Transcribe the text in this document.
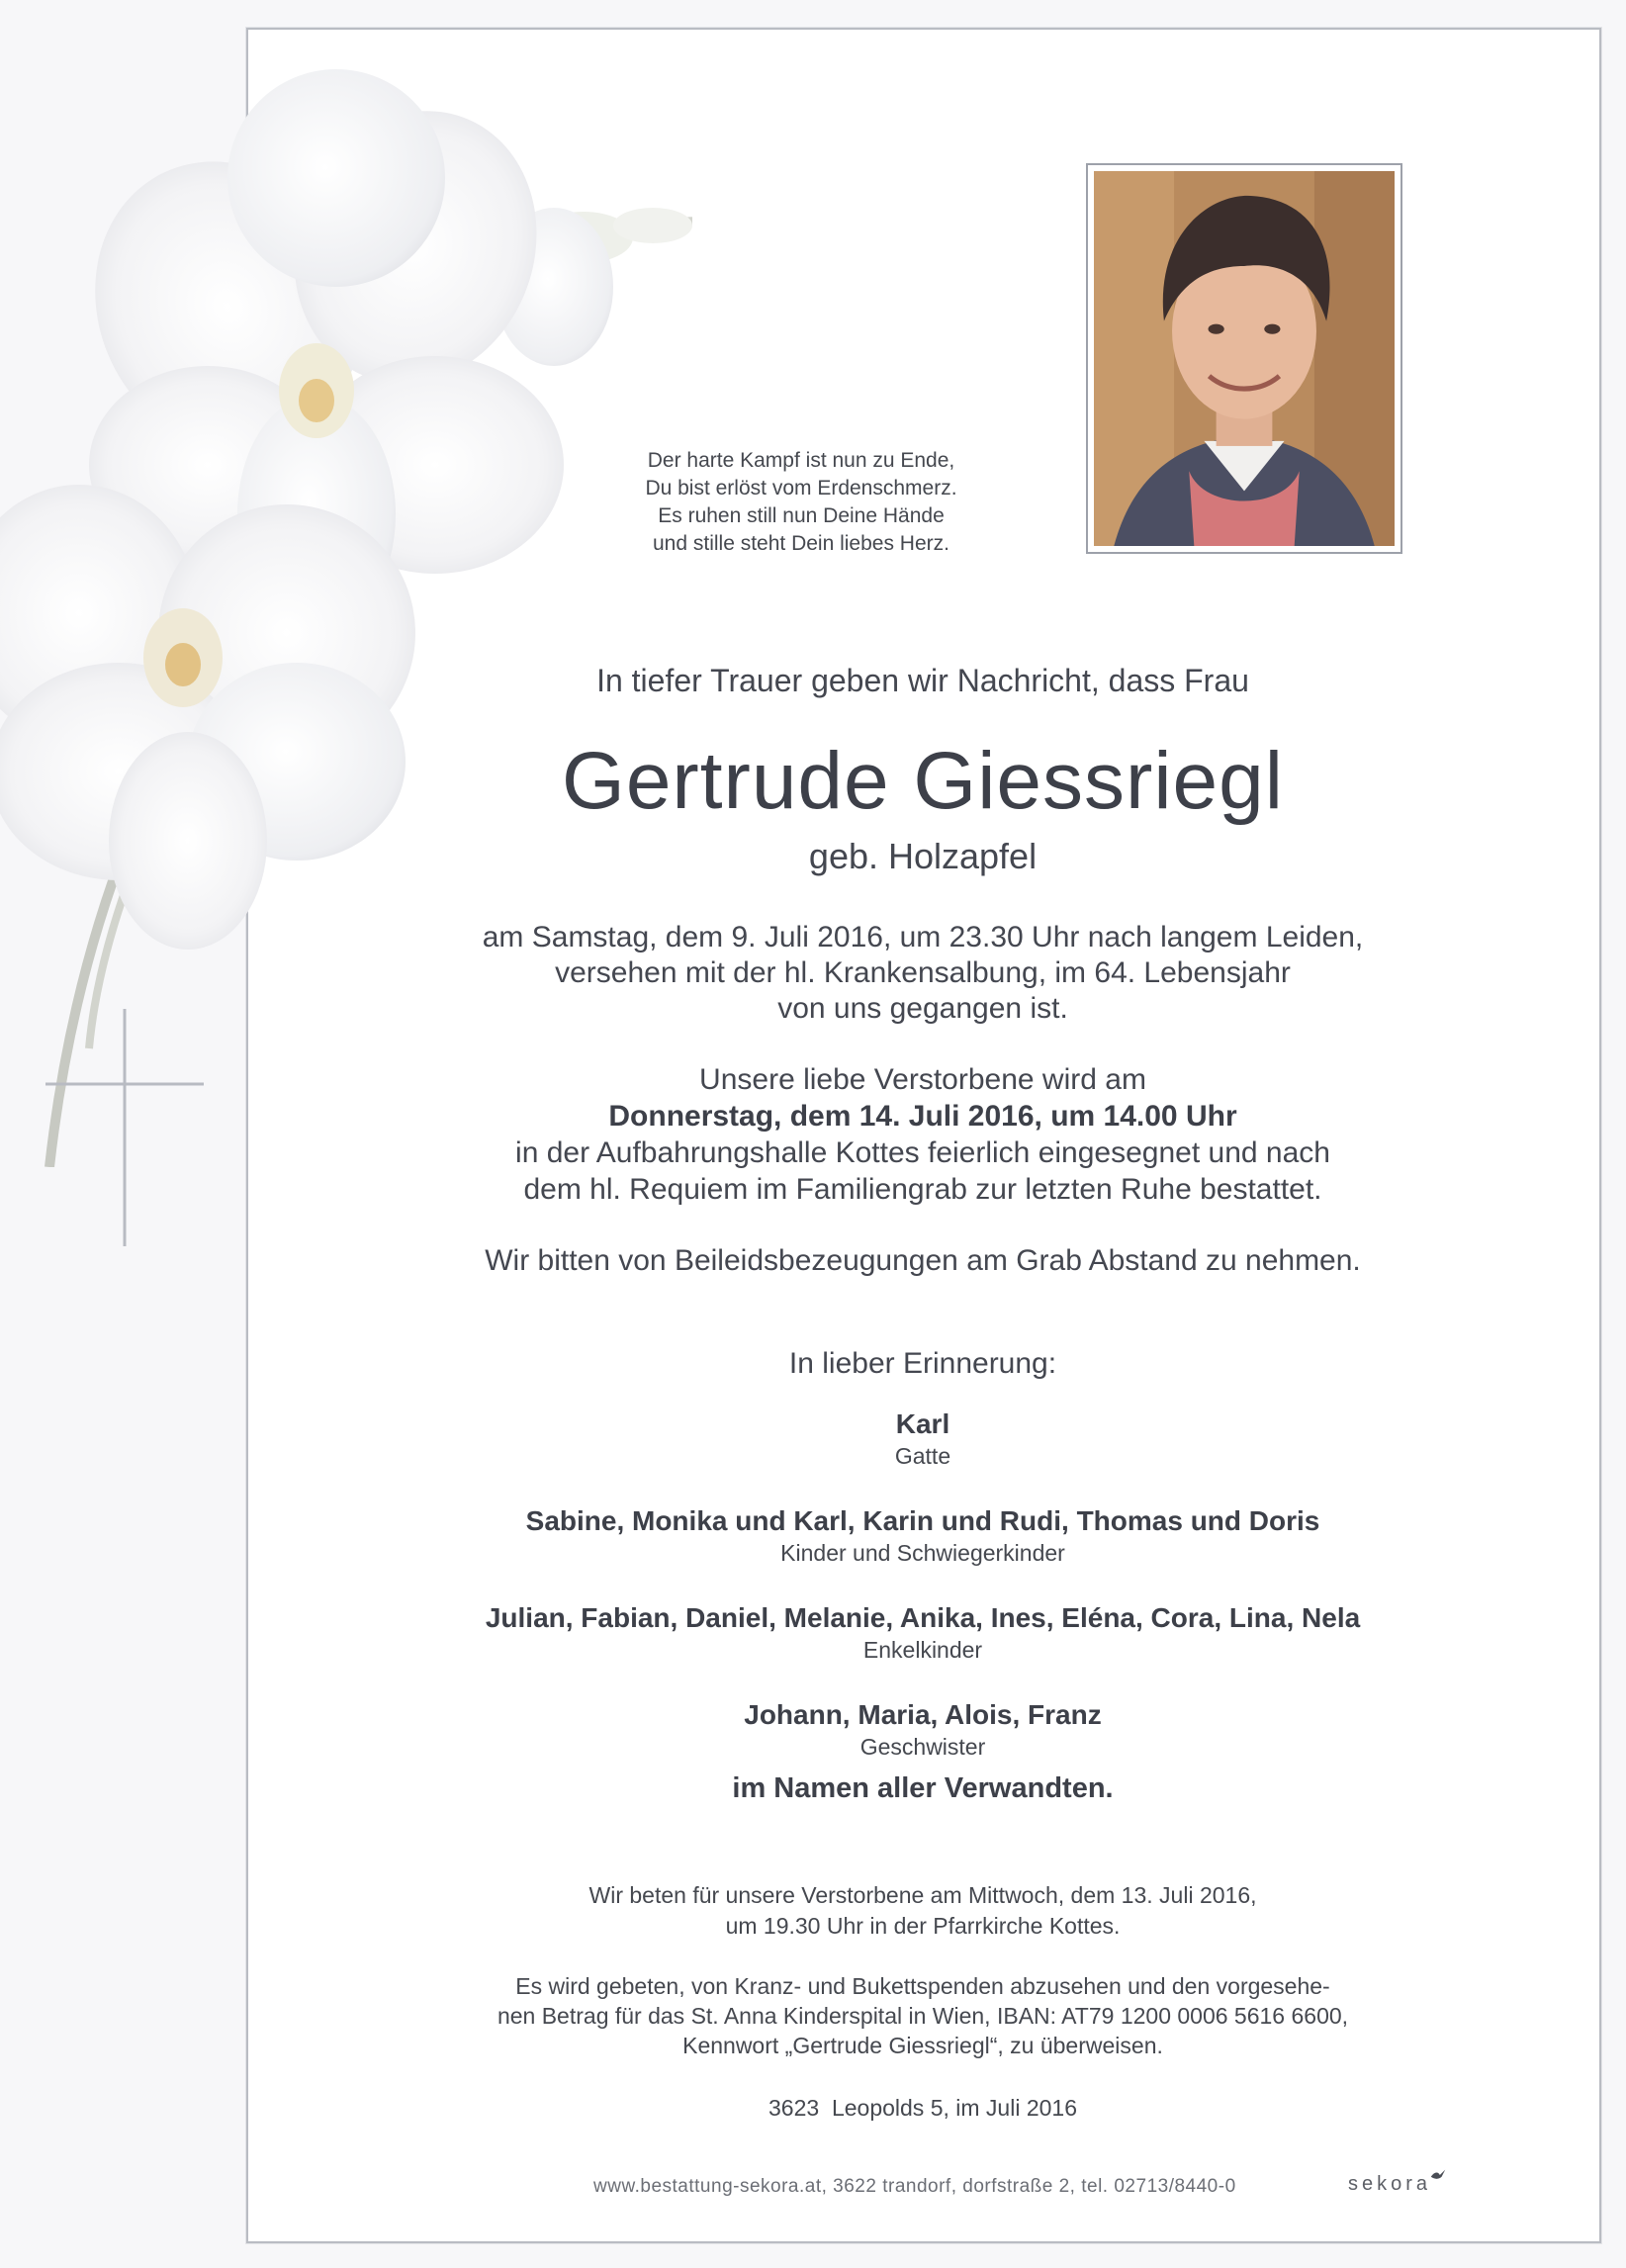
Der harte Kampf ist nun zu Ende,
Du bist erlöst vom Erdenschmerz.
Es ruhen still nun Deine Hände
und stille steht Dein liebes Herz.
In tiefer Trauer geben wir Nachricht, dass Frau
Gertrude Giessriegl
geb. Holzapfel
am Samstag, dem 9. Juli 2016, um 23.30 Uhr nach langem Leiden,
versehen mit der hl. Krankensalbung, im 64. Lebensjahr
von uns gegangen ist.
Unsere liebe Verstorbene wird am
Donnerstag, dem 14. Juli 2016, um 14.00 Uhr
in der Aufbahrungshalle Kottes feierlich eingesegnet und nach
dem hl. Requiem im Familiengrab zur letzten Ruhe bestattet.
Wir bitten von Beileidsbezeugungen am Grab Abstand zu nehmen.
In lieber Erinnerung:
Karl
Gatte
Sabine, Monika und Karl, Karin und Rudi, Thomas und Doris
Kinder und Schwiegerkinder
Julian, Fabian, Daniel, Melanie, Anika, Ines, Eléna, Cora, Lina, Nela
Enkelkinder
Johann, Maria, Alois, Franz
Geschwister
im Namen aller Verwandten.
Wir beten für unsere Verstorbene am Mittwoch, dem 13. Juli 2016,
um 19.30 Uhr in der Pfarrkirche Kottes.
Es wird gebeten, von Kranz- und Bukettspenden abzusehen und den vorgesehe-
nen Betrag für das St. Anna Kinderspital in Wien, IBAN: AT79 1200 0006 5616 6600,
Kennwort „Gertrude Giessriegl“, zu überweisen.
3623  Leopolds 5, im Juli 2016
www.bestattung-sekora.at, 3622 trandorf, dorfstraße 2, tel. 02713/8440-0	sekora
